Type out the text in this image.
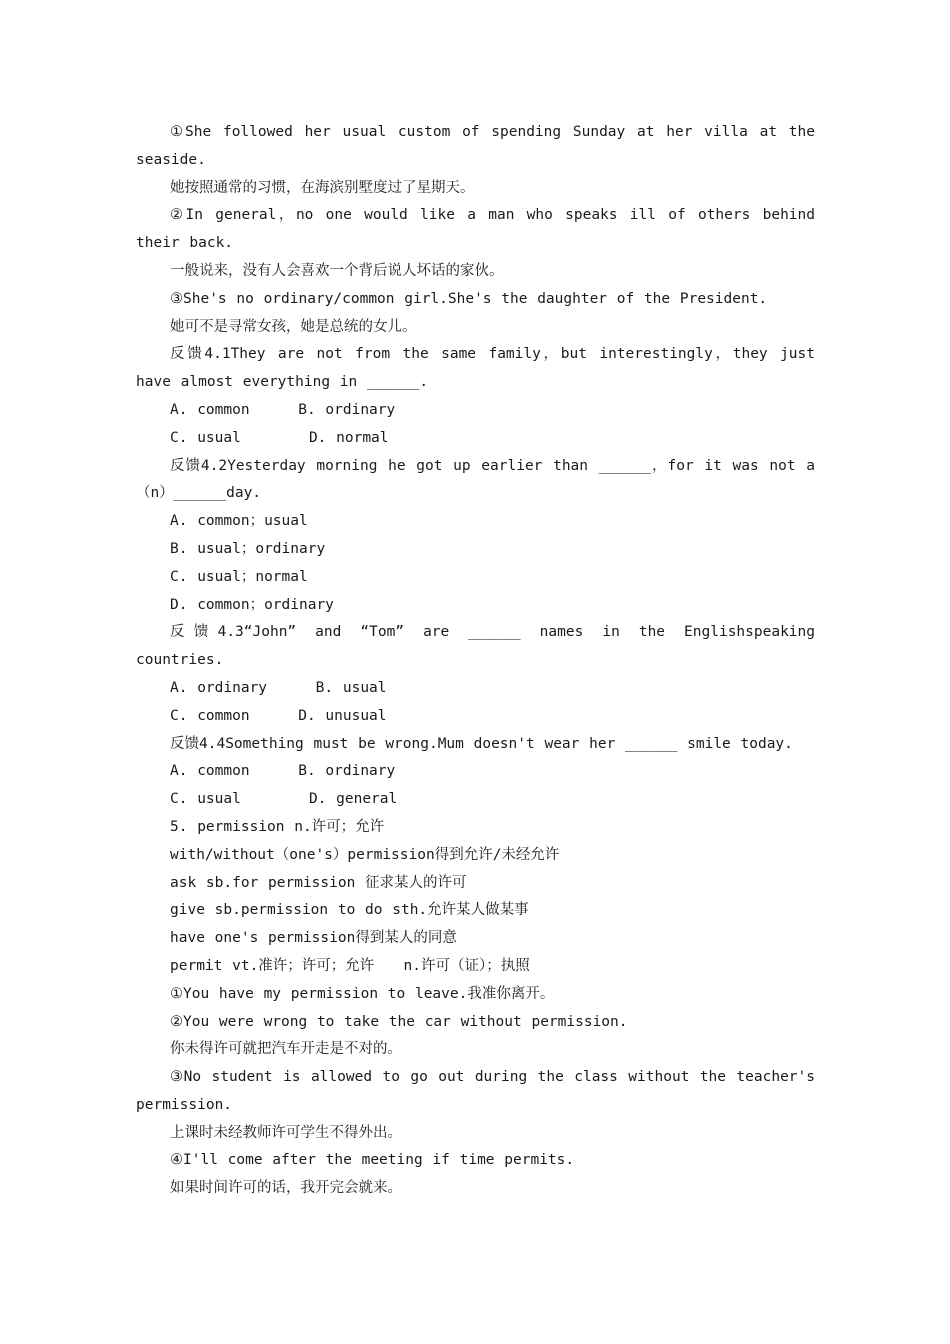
①She followed her usual custom of spending Sunday at her villa at the seaside.

她按照通常的习惯，在海滨别墅度过了星期天。

②In general，no one would like a man who speaks ill of others behind their back.

一般说来，没有人会喜欢一个背后说人坏话的家伙。

③She's no ordinary/common girl.She's the daughter of the President.

她可不是寻常女孩，她是总统的女儿。

反馈4.1They are not from the same family，but interestingly，they just have almost everything in ______.

A. common     B. ordinary

C. usual       D. normal

反馈4.2Yesterday morning he got up earlier than ______，for it was not a（n）______day.

A. common；usual

B. usual；ordinary

C. usual；normal

D. common；ordinary

反馈4.3“John” and “Tom” are ______ names in the Englishspeaking countries.

A. ordinary     B. usual

C. common     D. unusual

反馈4.4Something must be wrong.Mum doesn't wear her ______ smile today.

A. common     B. ordinary

C. usual       D. general

5. permission n.许可；允许

with/without（one's）permission得到允许/未经允许

ask sb.for permission 征求某人的许可

give sb.permission to do sth.允许某人做某事

have one's permission得到某人的同意

permit vt.准许；许可；允许   n.许可（证）；执照

①You have my permission to leave.我准你离开。

②You were wrong to take the car without permission.

你未得许可就把汽车开走是不对的。

③No student is allowed to go out during the class without the teacher's permission.

上课时未经教师许可学生不得外出。

④I'll come after the meeting if time permits.

如果时间许可的话，我开完会就来。
